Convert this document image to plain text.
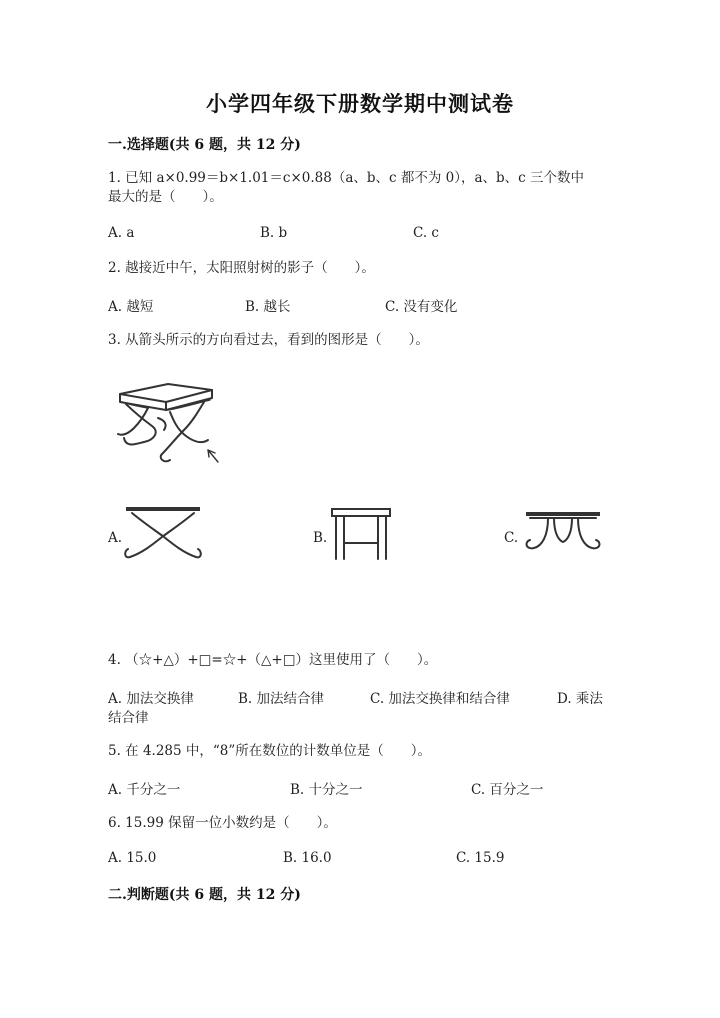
小学四年级下册数学期中测试卷
一.选择题(共 6 题，共 12 分)
1. 已知 a×0.99＝b×1.01＝c×0.88（a、b、c 都不为 0），a、b、c 三个数中
最大的是（　　）。
A. a	B. b	C. c
2. 越接近中午，太阳照射树的影子（　　）。
A. 越短	B. 越长	C. 没有变化
3. 从箭头所示的方向看过去，看到的图形是（　　）。
A.	B.	C.
4. （☆+△）+□=☆+（△+□）这里使用了（　　）。
A. 加法交换律	B. 加法结合律	C. 加法交换律和结合律	D. 乘法
结合律
5. 在 4.285 中，“8”所在数位的计数单位是（　　）。
A. 千分之一	B. 十分之一	C. 百分之一
6. 15.99 保留一位小数约是（　　）。
A. 15.0	B. 16.0	C. 15.9
二.判断题(共 6 题，共 12 分)
